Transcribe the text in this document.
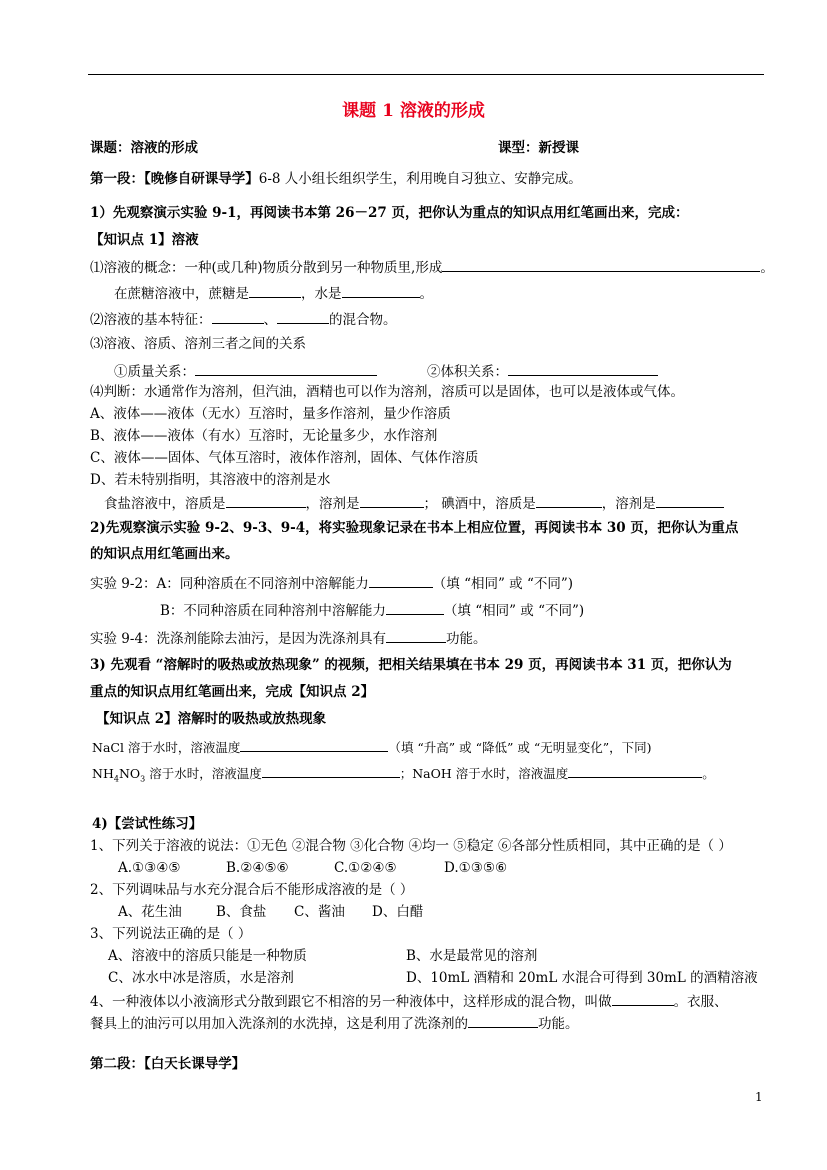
课题 1 溶液的形成
课题：溶液的形成	课型：新授课
第一段：【晚修自研课导学】6-8 人小组长组织学生，利用晚自习独立、安静完成。
1）先观察演示实验 9-1，再阅读书本第 26－27 页，把你认为重点的知识点用红笔画出来，完成：
【知识点 1】溶液
⑴溶液的概念：一种(或几种)物质分散到另一种物质里,形成	。
在蔗糖溶液中，蔗糖是	，水是	。
⑵溶液的基本特征：	、	的混合物。
⑶溶液、溶质、溶剂三者之间的关系
①质量关系：	②体积关系：
⑷判断：水通常作为溶剂，但汽油，酒精也可以作为溶剂，溶质可以是固体，也可以是液体或气体。
A、液体——液体（无水）互溶时，量多作溶剂，量少作溶质
B、液体——液体（有水）互溶时，无论量多少，水作溶剂
C、液体——固体、气体互溶时，液体作溶剂，固体、气体作溶质
D、若未特别指明，其溶液中的溶剂是水
食盐溶液中，溶质是	，溶剂是	； 碘酒中，溶质是	，溶剂是
2)先观察演示实验 9-2、9-3、9-4，将实验现象记录在书本上相应位置，再阅读书本 30 页，把你认为重点
的知识点用红笔画出来。
实验 9-2：A：同种溶质在不同溶剂中溶解能力	（填 “相同” 或 “不同”)
B：不同种溶质在同种溶剂中溶解能力	（填 “相同” 或 “不同”)
实验 9-4：洗涤剂能除去油污，是因为洗涤剂具有	功能。
3) 先观看 “溶解时的吸热或放热现象” 的视频，把相关结果填在书本 29 页，再阅读书本 31 页，把你认为
重点的知识点用红笔画出来，完成【知识点 2】
【知识点 2】溶解时的吸热或放热现象
NaCl 溶于水时，溶液温度	（填 “升高” 或 “降低” 或 “无明显变化”，下同)
$NH_4NO_3$ 溶于水时，溶液温度	；NaOH 溶于水时，溶液温度	。
4)【尝试性练习】
1、下列关于溶液的说法：①无色 ②混合物 ③化合物 ④均一 ⑤稳定 ⑥各部分性质相同，其中正确的是（ ）
A.①③④⑤	B.②④⑤⑥	C.①②④⑤	D.①③⑤⑥
2、下列调味品与水充分混合后不能形成溶液的是（ ）
A、花生油	B、食盐 C、酱油 D、白醋
3、下列说法正确的是（ ）
A、溶液中的溶质只能是一种物质	B、水是最常见的溶剂
C、冰水中冰是溶质，水是溶剂	D、10mL 酒精和 20mL 水混合可得到 30mL 的酒精溶液
4、一种液体以小液滴形式分散到跟它不相溶的另一种液体中，这样形成的混合物，叫做	。衣服、
餐具上的油污可以用加入洗涤剂的水洗掉，这是利用了洗涤剂的	功能。
第二段：【白天长课导学】
1
